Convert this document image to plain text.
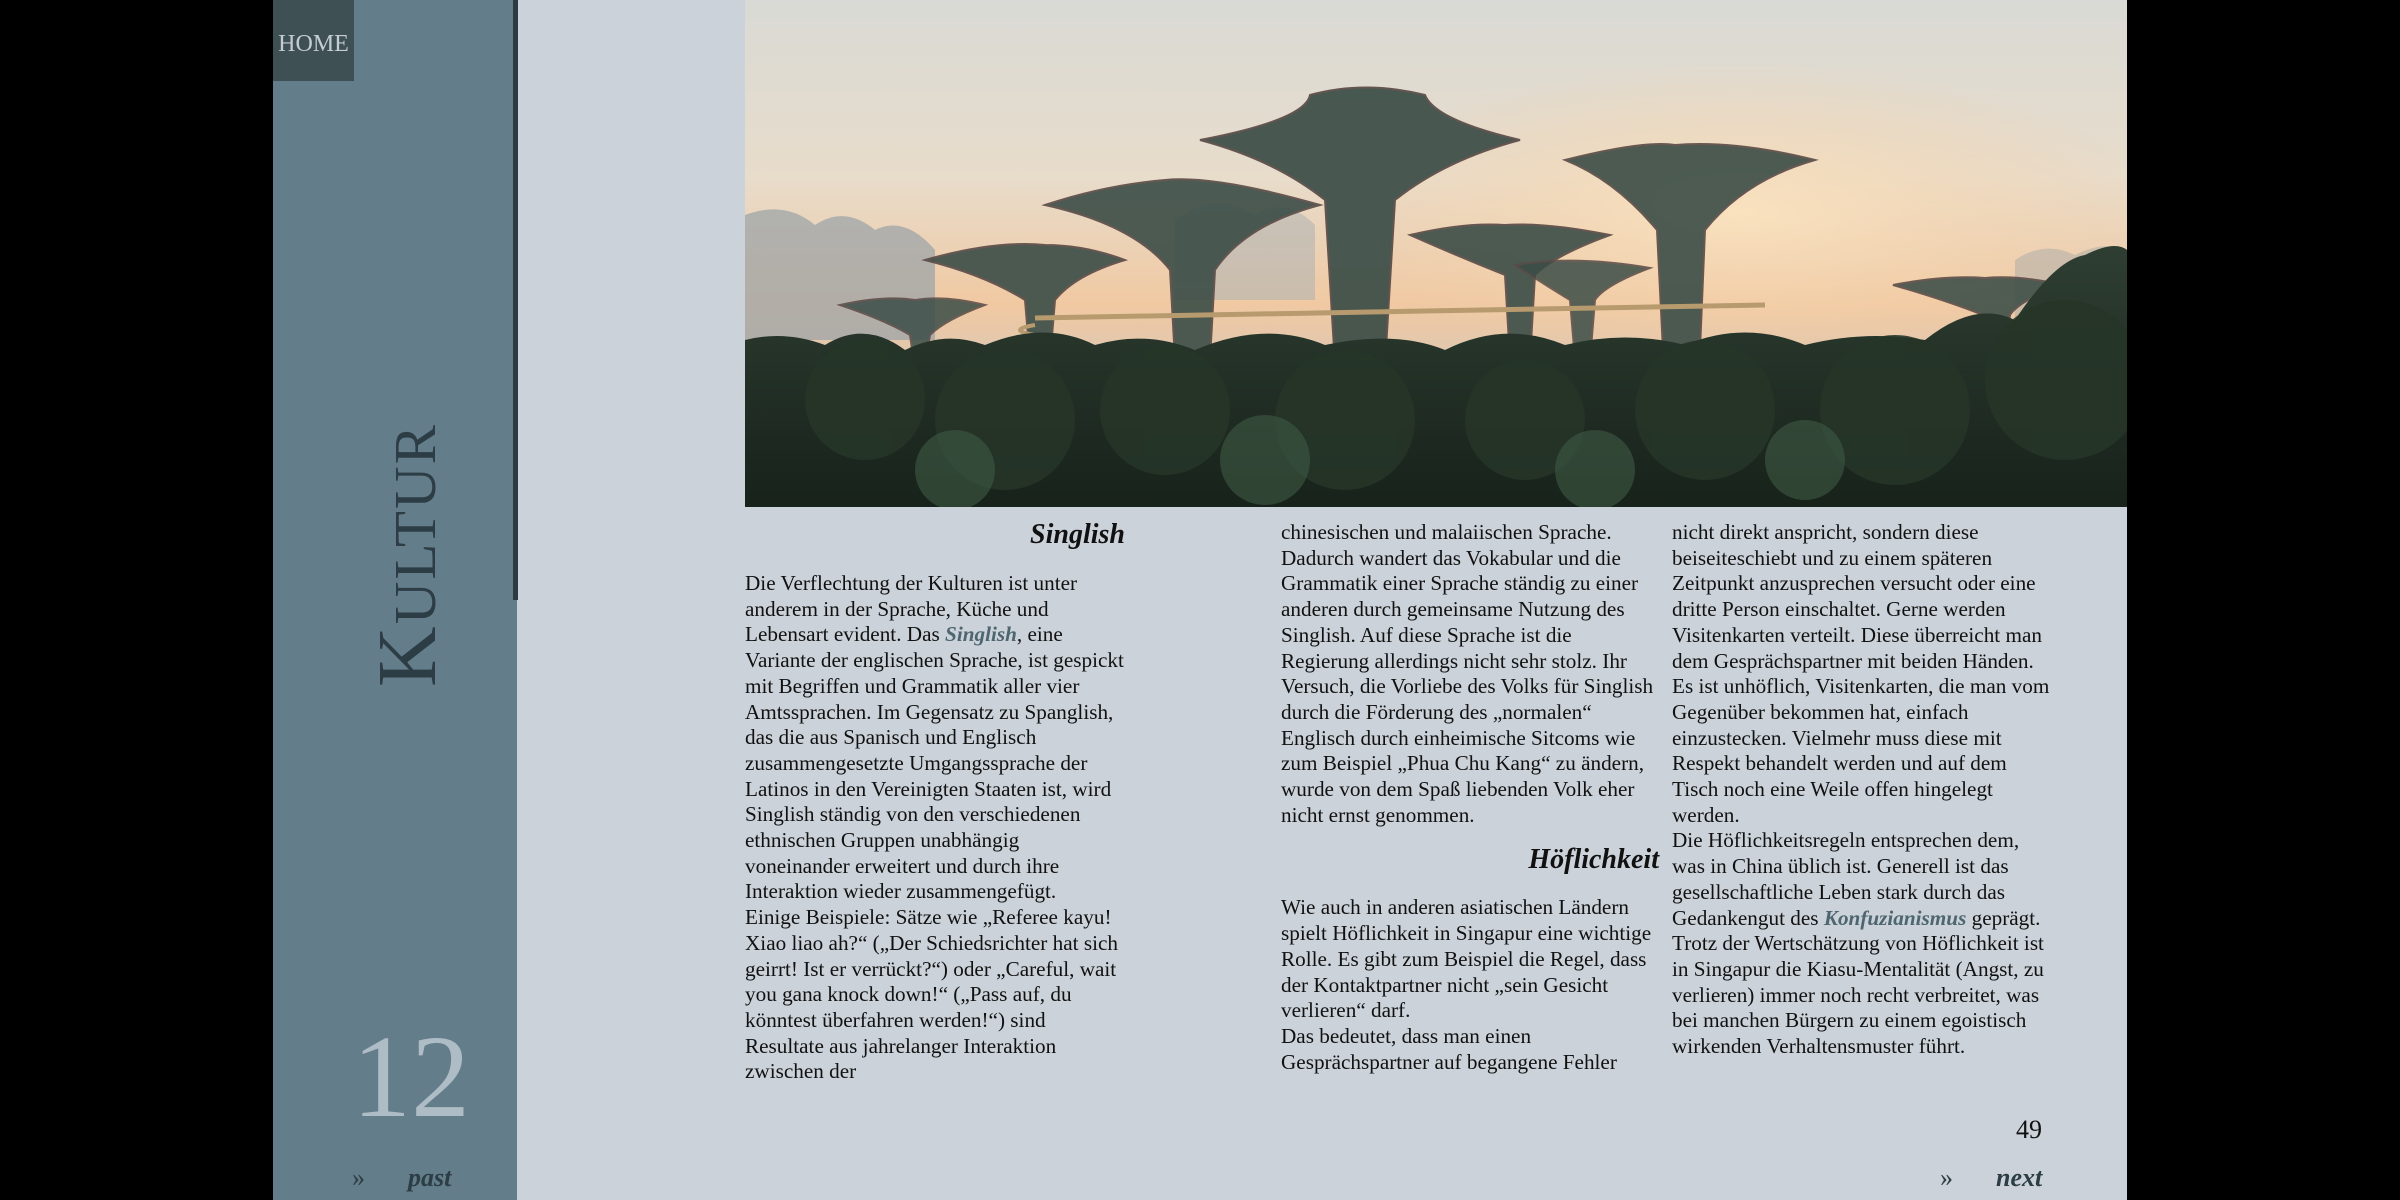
HOME
Kultur
12
» past

Singlish

Die Verflechtung der Kulturen ist unter anderem in der Sprache, Küche und Lebensart evident. Das Singlish, eine Variante der englischen Sprache, ist gespickt mit Begriffen und Grammatik aller vier Amtssprachen. Im Gegensatz zu Spanglish, das die aus Spanisch und Englisch zusammengesetzte Umgangssprache der Latinos in den Vereinigten Staaten ist, wird Singlish ständig von den verschiedenen ethnischen Gruppen unabhängig voneinander erweitert und durch ihre Interaktion wieder zusammengefügt.

Einige Beispiele: Sätze wie „Referee kayu! Xiao liao ah?“ („Der Schiedsrichter hat sich geirrt! Ist er verrückt?“) oder „Careful, wait you gana knock down!“ („Pass auf, du könntest überfahren werden!“) sind Resultate aus jahrelanger Interaktion zwischen der

chinesischen und malaiischen Sprache. Dadurch wandert das Vokabular und die Grammatik einer Sprache ständig zu einer anderen durch gemeinsame Nutzung des Singlish. Auf diese Sprache ist die Regierung allerdings nicht sehr stolz. Ihr Versuch, die Vorliebe des Volks für Singlish durch die Förderung des „normalen“ Englisch durch einheimische Sitcoms wie zum Beispiel „Phua Chu Kang“ zu ändern, wurde von dem Spaß liebenden Volk eher nicht ernst genommen.

Höflichkeit

Wie auch in anderen asiatischen Ländern spielt Höflichkeit in Singapur eine wichtige Rolle. Es gibt zum Beispiel die Regel, dass der Kontaktpartner nicht „sein Gesicht verlieren“ darf.

Das bedeutet, dass man einen Gesprächspartner auf begangene Fehler

nicht direkt anspricht, sondern diese beiseiteschiebt und zu einem späteren Zeitpunkt anzusprechen versucht oder eine dritte Person einschaltet. Gerne werden Visitenkarten verteilt. Diese überreicht man dem Gesprächspartner mit beiden Händen. Es ist unhöflich, Visitenkarten, die man vom Gegenüber bekommen hat, einfach einzustecken. Vielmehr muss diese mit Respekt behandelt werden und auf dem Tisch noch eine Weile offen hingelegt werden.

Die Höflichkeitsregeln entsprechen dem, was in China üblich ist. Generell ist das gesellschaftliche Leben stark durch das Gedankengut des Konfuzianismus geprägt.

Trotz der Wertschätzung von Höflichkeit ist in Singapur die Kiasu-Mentalität (Angst, zu verlieren) immer noch recht verbreitet, was bei manchen Bürgern zu einem egoistisch wirkenden Verhaltensmuster führt.

49
» next
